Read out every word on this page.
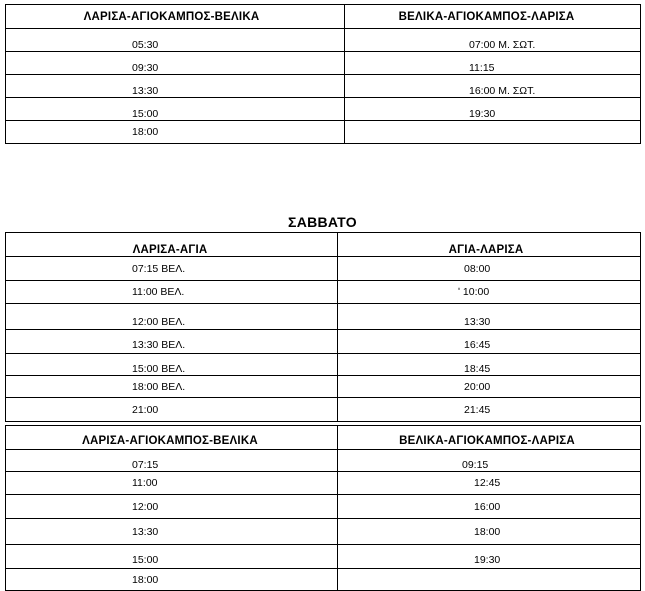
ΛΑΡΙΣΑ-ΑΓΙΟΚΑΜΠΟΣ-ΒΕΛΙΚΑ	ΒΕΛΙΚΑ-ΑΓΙΟΚΑΜΠΟΣ-ΛΑΡΙΣΑ
05:30	07:00 Μ. ΣΩΤ.
09:30	11:15
13:30	16:00 Μ. ΣΩΤ.
15:00	19:30
18:00	
ΣΑΒΒΑΤΟ
ΛΑΡΙΣΑ-ΑΓΙΑ	ΑΓΙΑ-ΛΑΡΙΣΑ
07:15 ΒΕΛ.	08:00
11:00 ΒΕΛ.	ʹ 10:00
12:00 ΒΕΛ.	13:30
13:30 ΒΕΛ.	16:45
15:00 ΒΕΛ.	18:45
18:00 ΒΕΛ.	20:00
21:00	21:45
ΛΑΡΙΣΑ-ΑΓΙΟΚΑΜΠΟΣ-ΒΕΛΙΚΑ	ΒΕΛΙΚΑ-ΑΓΙΟΚΑΜΠΟΣ-ΛΑΡΙΣΑ
07:15	09:15
11:00	12:45
12:00	16:00
13:30	18:00
15:00	19:30
18:00	
